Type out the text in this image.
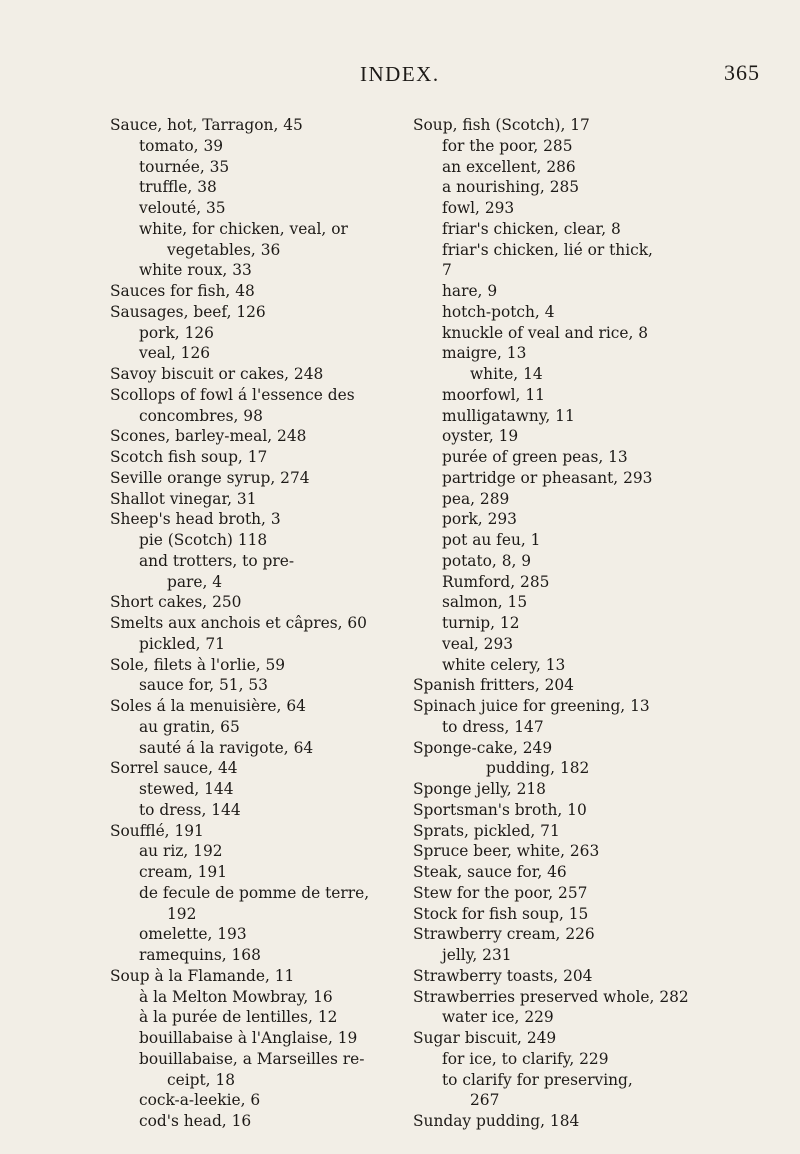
INDEX.	365
Sauce, hot, Tarragon, 45
tomato, 39
tournée, 35
truffle, 38
velouté, 35
white, for chicken, veal, or
vegetables, 36
white roux, 33
Sauces for fish, 48
Sausages, beef, 126
pork, 126
veal, 126
Savoy biscuit or cakes, 248
Scollops of fowl á l'essence des
concombres, 98
Scones, barley-meal, 248
Scotch fish soup, 17
Seville orange syrup, 274
Shallot vinegar, 31
Sheep's head broth, 3
pie (Scotch) 118
and trotters, to pre-
pare, 4
Short cakes, 250
Smelts aux anchois et câpres, 60
pickled, 71
Sole, filets à l'orlie, 59
sauce for, 51, 53
Soles á la menuisière, 64
au gratin, 65
sauté á la ravigote, 64
Sorrel sauce, 44
stewed, 144
to dress, 144
Soufflé, 191
au riz, 192
cream, 191
de fecule de pomme de terre,
192
omelette, 193
ramequins, 168
Soup à la Flamande, 11
à la Melton Mowbray, 16
à la purée de lentilles, 12
bouillabaise à l'Anglaise, 19
bouillabaise, a Marseilles re-
ceipt, 18
cock-a-leekie, 6
cod's head, 16
Soup, fish (Scotch), 17
for the poor, 285
an excellent, 286
a nourishing, 285
fowl, 293
friar's chicken, clear, 8
friar's chicken, lié or thick,
7
hare, 9
hotch-potch, 4
knuckle of veal and rice, 8
maigre, 13
white, 14
moorfowl, 11
mulligatawny, 11
oyster, 19
purée of green peas, 13
partridge or pheasant, 293
pea, 289
pork, 293
pot au feu, 1
potato, 8, 9
Rumford, 285
salmon, 15
turnip, 12
veal, 293
white celery, 13
Spanish fritters, 204
Spinach juice for greening, 13
to dress, 147
Sponge-cake, 249
pudding, 182
Sponge jelly, 218
Sportsman's broth, 10
Sprats, pickled, 71
Spruce beer, white, 263
Steak, sauce for, 46
Stew for the poor, 257
Stock for fish soup, 15
Strawberry cream, 226
jelly, 231
Strawberry toasts, 204
Strawberries preserved whole, 282
water ice, 229
Sugar biscuit, 249
for ice, to clarify, 229
to clarify for preserving,
267
Sunday pudding, 184
